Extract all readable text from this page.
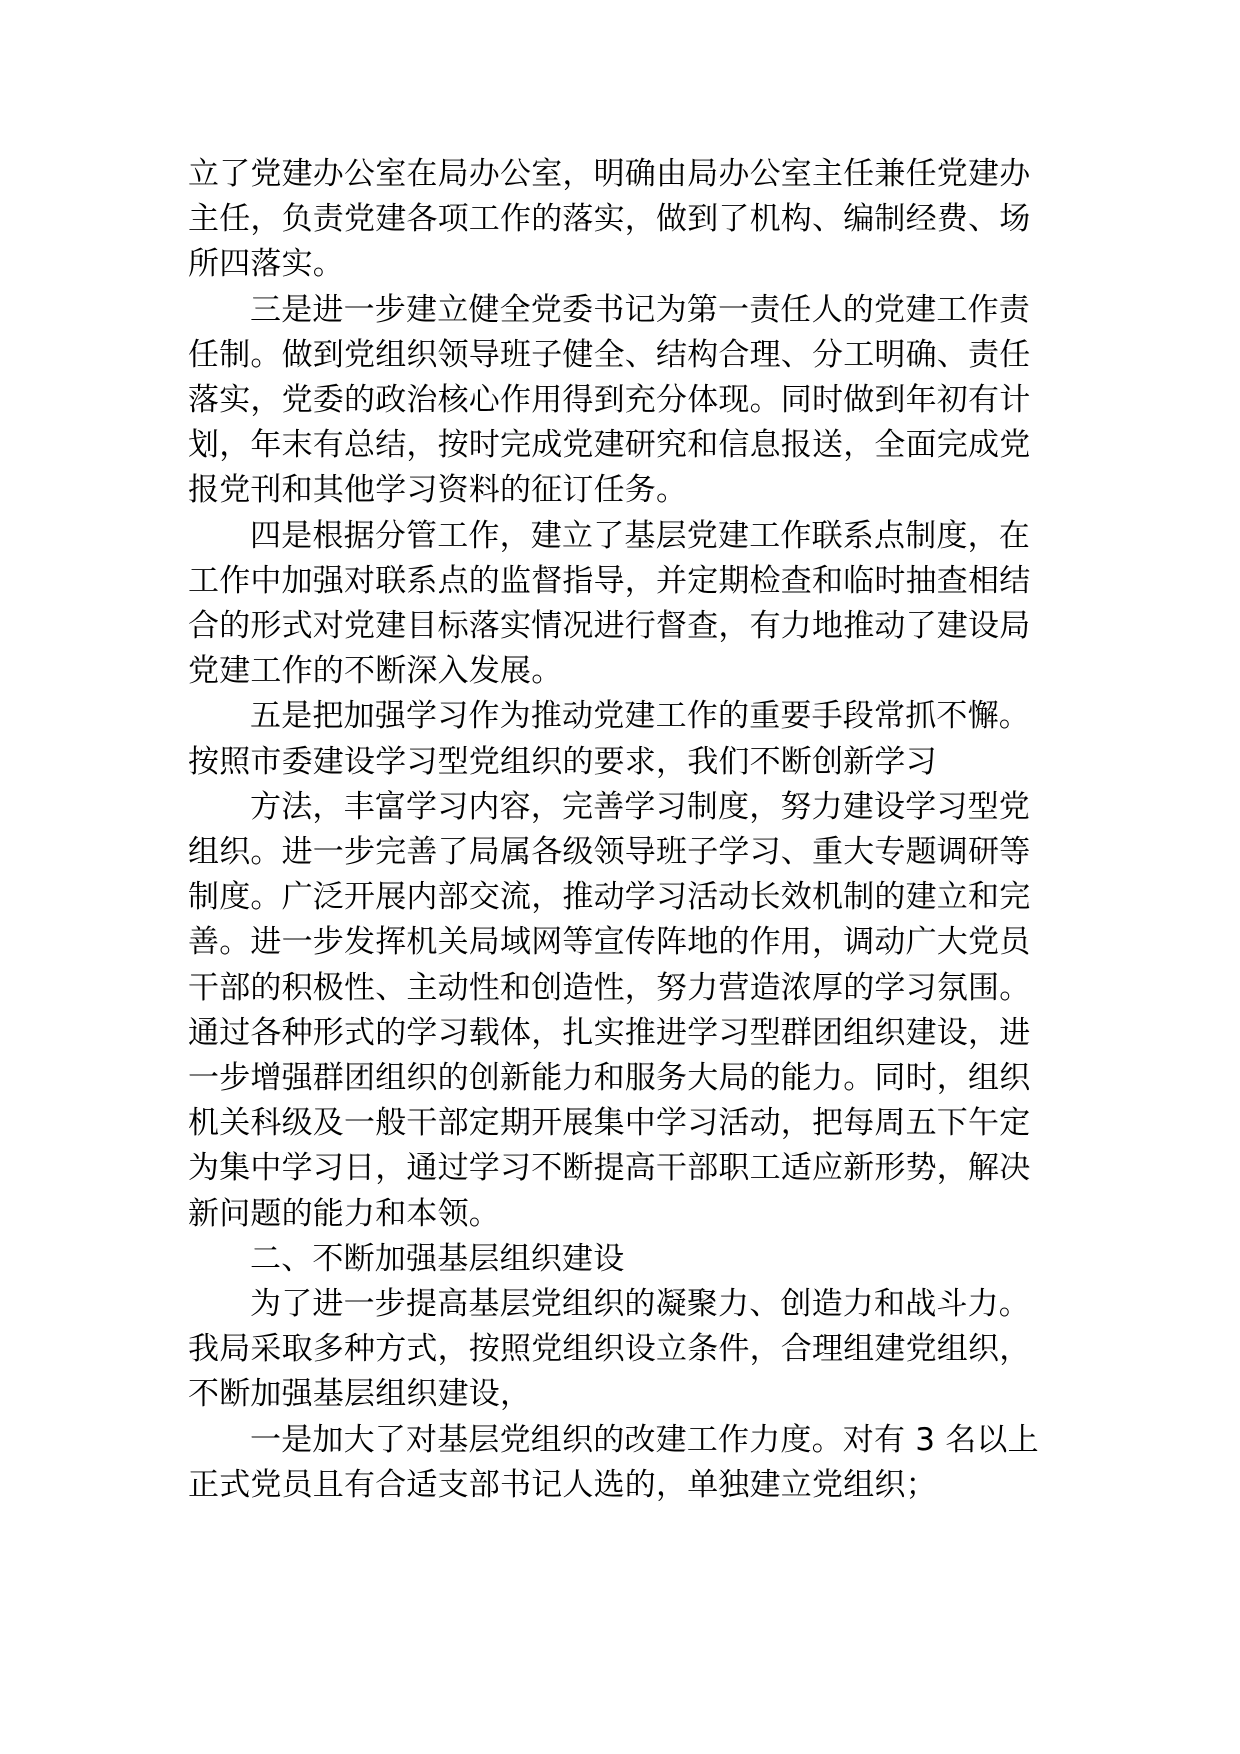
立了党建办公室在局办公室，明确由局办公室主任兼任党建办主任，负责党建各项工作的落实，做到了机构、编制经费、场所四落实。

三是进一步建立健全党委书记为第一责任人的党建工作责任制。做到党组织领导班子健全、结构合理、分工明确、责任落实，党委的政治核心作用得到充分体现。同时做到年初有计划，年末有总结，按时完成党建研究和信息报送，全面完成党报党刊和其他学习资料的征订任务。

四是根据分管工作，建立了基层党建工作联系点制度，在工作中加强对联系点的监督指导，并定期检查和临时抽查相结合的形式对党建目标落实情况进行督查，有力地推动了建设局党建工作的不断深入发展。

五是把加强学习作为推动党建工作的重要手段常抓不懈。按照市委建设学习型党组织的要求，我们不断创新学习

方法，丰富学习内容，完善学习制度，努力建设学习型党组织。进一步完善了局属各级领导班子学习、重大专题调研等制度。广泛开展内部交流，推动学习活动长效机制的建立和完善。进一步发挥机关局域网等宣传阵地的作用，调动广大党员干部的积极性、主动性和创造性，努力营造浓厚的学习氛围。通过各种形式的学习载体，扎实推进学习型群团组织建设，进一步增强群团组织的创新能力和服务大局的能力。同时，组织机关科级及一般干部定期开展集中学习活动，把每周五下午定为集中学习日，通过学习不断提高干部职工适应新形势，解决新问题的能力和本领。

二、不断加强基层组织建设

为了进一步提高基层党组织的凝聚力、创造力和战斗力。我局采取多种方式，按照党组织设立条件，合理组建党组织，不断加强基层组织建设，

一是加大了对基层党组织的改建工作力度。对有 3 名以上正式党员且有合适支部书记人选的，单独建立党组织；
